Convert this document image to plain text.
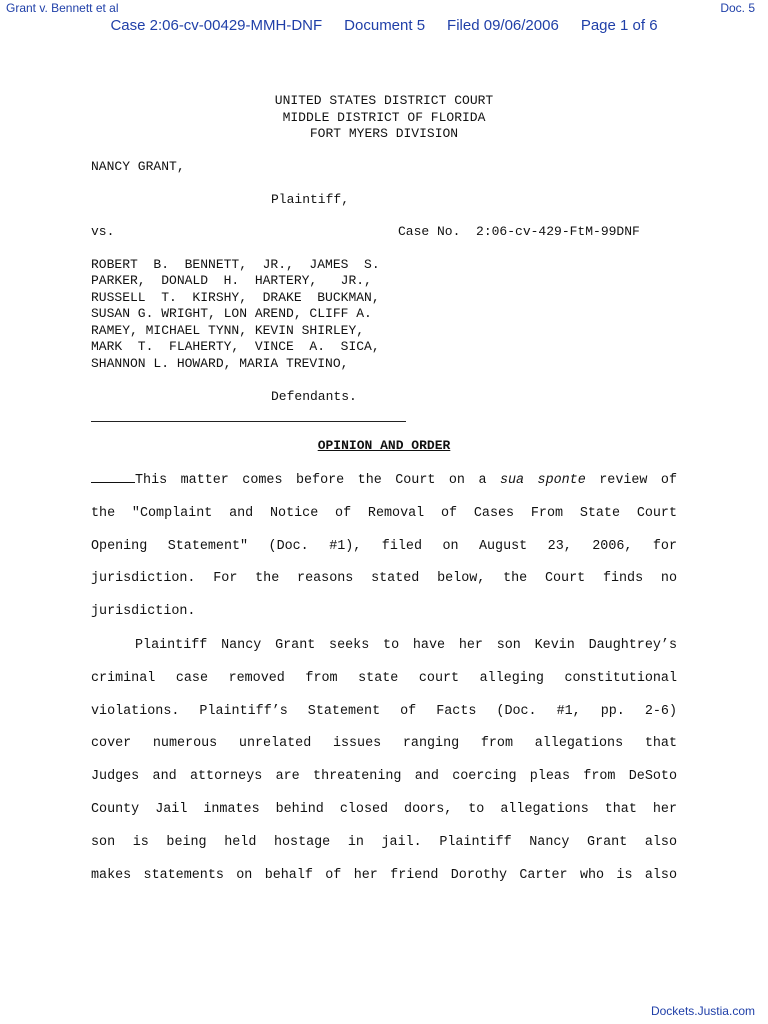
Grant v. Bennett et al	Doc. 5
Case 2:06-cv-00429-MMH-DNF Document 5 Filed 09/06/2006 Page 1 of 6
UNITED STATES DISTRICT COURT
MIDDLE DISTRICT OF FLORIDA
FORT MYERS DIVISION
NANCY GRANT,
Plaintiff,
vs.	Case No.  2:06-cv-429-FtM-99DNF
ROBERT  B.  BENNETT,  JR.,  JAMES  S.
PARKER,  DONALD  H.  HARTERY,   JR.,
RUSSELL  T.  KIRSHY,  DRAKE  BUCKMAN,
SUSAN G. WRIGHT, LON AREND, CLIFF A.
RAMEY, MICHAEL TYNN, KEVIN SHIRLEY,
MARK  T.  FLAHERTY,  VINCE  A.  SICA,
SHANNON L. HOWARD, MARIA TREVINO,
Defendants.
OPINION AND ORDER
This matter comes before the Court on a sua sponte review of
the "Complaint and Notice of Removal of Cases From State Court
Opening Statement" (Doc. #1), filed on August 23, 2006, for
jurisdiction. For the reasons stated below, the Court finds no
jurisdiction.
Plaintiff Nancy Grant seeks to have her son Kevin Daughtrey’s
criminal case removed from state court alleging constitutional
violations. Plaintiff’s Statement of Facts (Doc. #1, pp. 2-6)
cover numerous unrelated issues ranging from allegations that
Judges and attorneys are threatening and coercing pleas from DeSoto
County Jail inmates behind closed doors, to allegations that her
son is being held hostage in jail. Plaintiff Nancy Grant also
makes statements on behalf of her friend Dorothy Carter who is also
Dockets.Justia.com
